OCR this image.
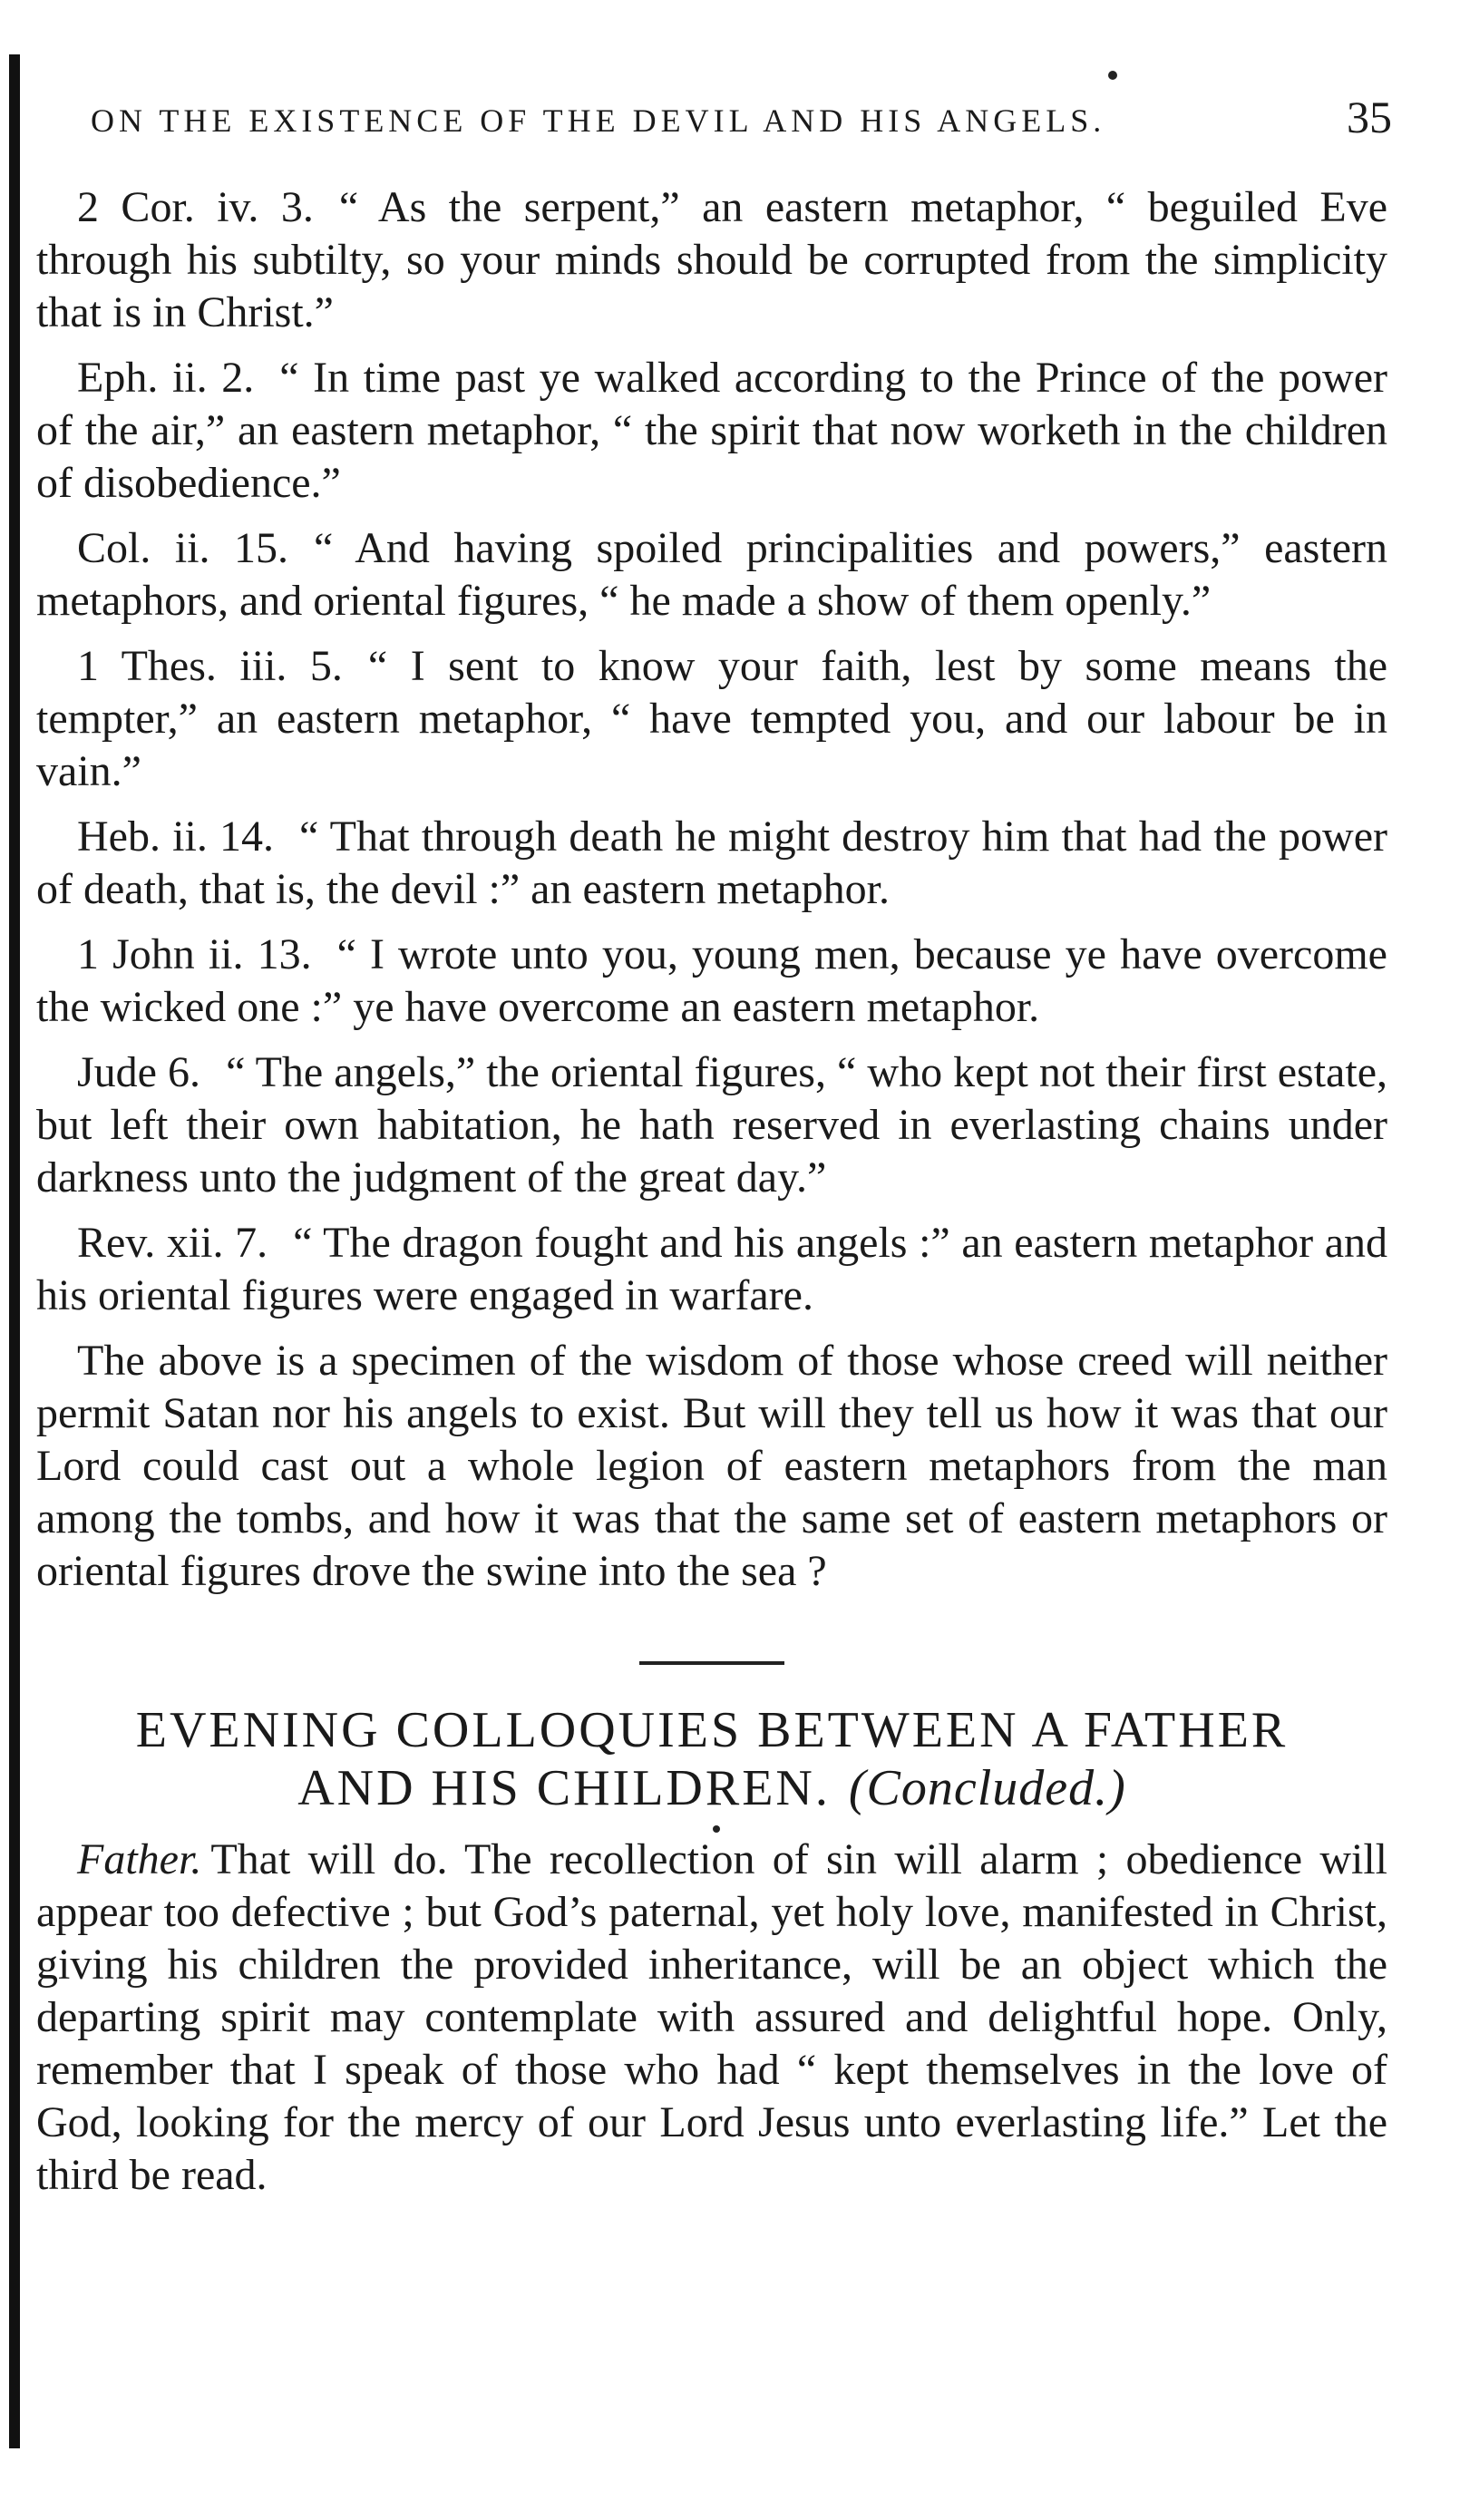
ON THE EXISTENCE OF THE DEVIL AND HIS ANGELS.	35

2 Cor. iv. 3. “ As the serpent,” an eastern metaphor, “ beguiled Eve through his subtilty, so your minds should be corrupted from the simplicity that is in Christ.”

Eph. ii. 2. “ In time past ye walked according to the Prince of the power of the air,” an eastern metaphor, “ the spirit that now worketh in the children of disobedience.”

Col. ii. 15. “ And having spoiled principalities and powers,” eastern metaphors, and oriental figures, “ he made a show of them openly.”

1 Thes. iii. 5. “ I sent to know your faith, lest by some means the tempter,” an eastern metaphor, “ have tempted you, and our labour be in vain.”

Heb. ii. 14. “ That through death he might destroy him that had the power of death, that is, the devil :” an eastern metaphor.

1 John ii. 13. “ I wrote unto you, young men, because ye have overcome the wicked one :” ye have overcome an eastern metaphor.

Jude 6. “ The angels,” the oriental figures, “ who kept not their first estate, but left their own habitation, he hath reserved in everlasting chains under darkness unto the judgment of the great day.”

Rev. xii. 7. “ The dragon fought and his angels :” an eastern metaphor and his oriental figures were engaged in warfare.

The above is a specimen of the wisdom of those whose creed will neither permit Satan nor his angels to exist. But will they tell us how it was that our Lord could cast out a whole legion of eastern metaphors from the man among the tombs, and how it was that the same set of eastern metaphors or oriental figures drove the swine into the sea ?

EVENING COLLOQUIES BETWEEN A FATHER
AND HIS CHILDREN. (Concluded.)

Father. That will do. The recollection of sin will alarm ; obedience will appear too defective ; but God’s paternal, yet holy love, manifested in Christ, giving his children the provided inheritance, will be an object which the departing spirit may contemplate with assured and delightful hope. Only, remember that I speak of those who had “ kept themselves in the love of God, looking for the mercy of our Lord Jesus unto everlasting life.” Let the third be read.
